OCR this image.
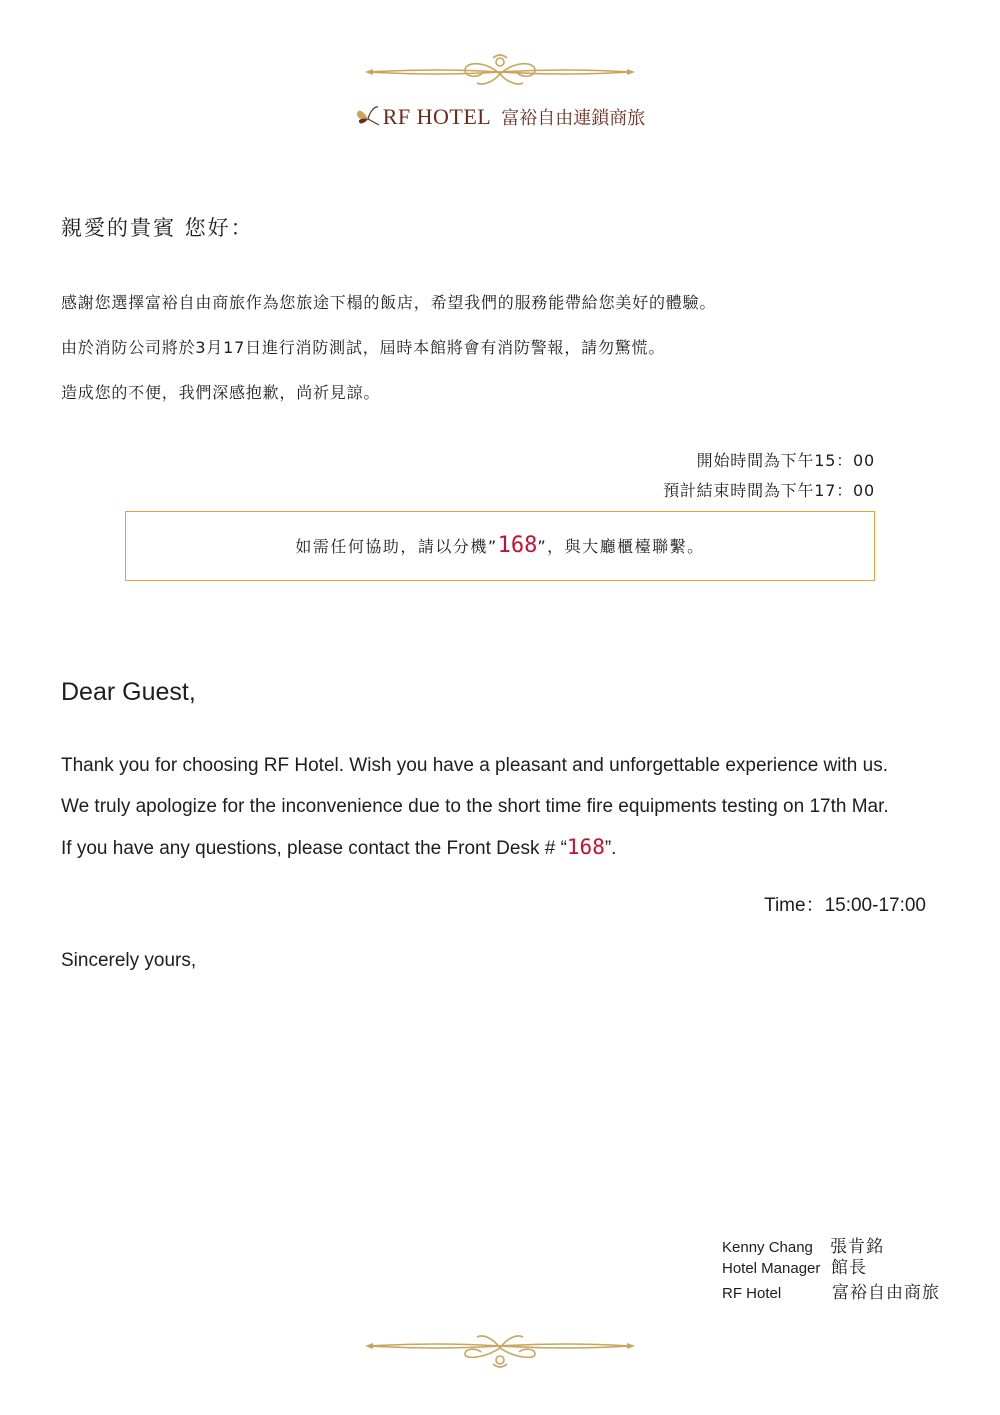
RF HOTEL 富裕自由連鎖商旅
親愛的貴賓 您好：
感謝您選擇富裕自由商旅作為您旅途下榻的飯店，希望我們的服務能帶給您美好的體驗。
由於消防公司將於3月17日進行消防測試，屆時本館將會有消防警報，請勿驚慌。
造成您的不便，我們深感抱歉，尚祈見諒。
開始時間為下午15：00
預計結束時間為下午17：00
如需任何協助，請以分機”168”，與大廳櫃檯聯繫。
Dear Guest,
Thank you for choosing RF Hotel. Wish you have a pleasant and unforgettable experience with us.
We truly apologize for the inconvenience due to the short time fire equipments testing on 17th Mar.
If you have any questions, please contact the Front Desk # “168”.
Time：15:00-17:00
Sincerely yours,
Kenny Chang 張肯銘
Hotel Manager 館長
RF Hotel	富裕自由商旅
